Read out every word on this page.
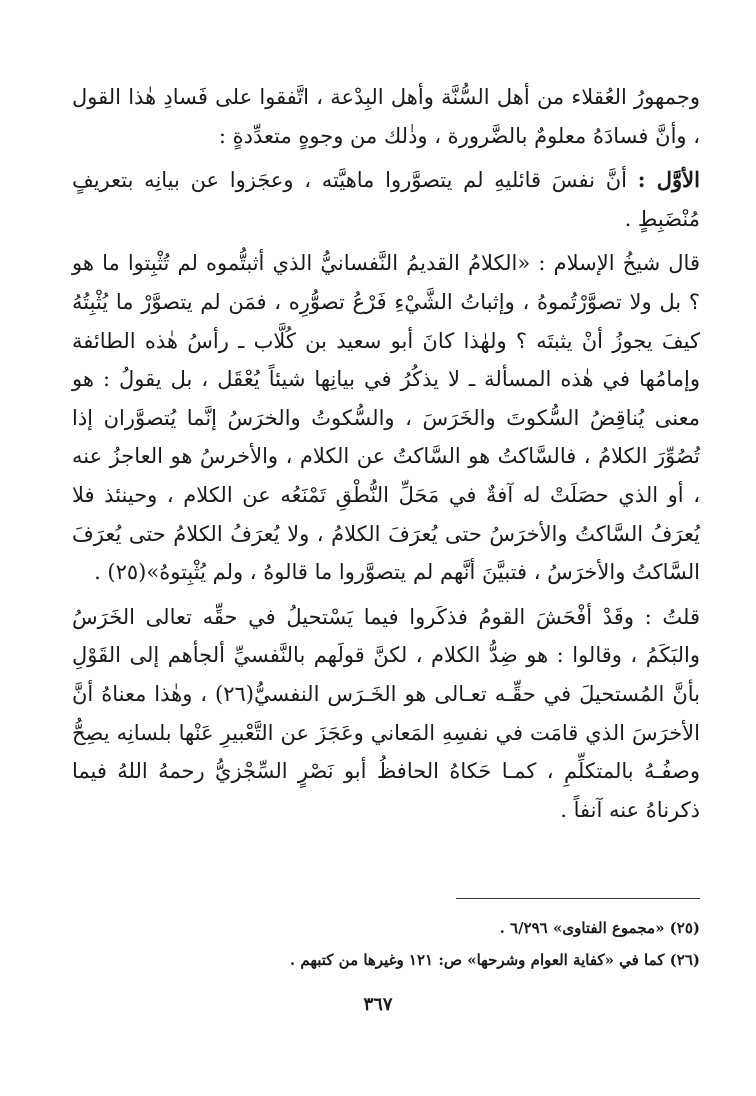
وجمهورُ العُقلاء من أهل السُّنَّة وأهل البِدْعة ، اتَّفقوا على فَسادِ هٰذا القول ، وأنَّ فسادَهُ معلومٌ بالضَّرورة ، وذٰلك من وجوهٍ متعدِّدةٍ :

الأوَّل : أنَّ نفسَ قائليهِ لم يتصوَّروا ماهيَّته ، وعجَزوا عن بيانِه بتعريفٍ مُنْضَبِطٍ .

قال شيخُ الإسلام : «الكلامُ القديمُ النَّفسانيُّ الذي أثبتُّموه لم تُثْبِتوا ما هو ؟ بل ولا تصوَّرْتُموهُ ، وإثباتُ الشَّيْءِ فَرْعُ تصوُّرِه ، فمَن لم يتصوَّرْ ما يُثْبِتُهُ كيفَ يجوزُ أنْ يثبتَه ؟ ولهٰذا كانَ أبو سعيد بن كُلَّاب ـ رأسُ هٰذه الطائفة وإمامُها في هٰذه المسألة ـ لا يذكُرُ في بيانِها شيئاً يُعْقَل ، بل يقولُ : هو معنى يُناقِضُ السُّكوتَ والخَرَسَ ، والسُّكوتُ والخرَسُ إنَّما يُتصوَّران إذا تُصُوِّرَ الكلامُ ، فالسَّاكتُ هو السَّاكتُ عن الكلام ، والأخرسُ هو العاجزُ عنه ، أو الذي حصَلَتْ له آفةٌ في مَحَلِّ النُّطْقِ تَمْنَعُه عن الكلام ، وحينئذ فلا يُعرَفُ السَّاكتُ والأخرَسُ حتى يُعرَفَ الكلامُ ، ولا يُعرَفُ الكلامُ حتى يُعرَفَ السَّاكتُ والأخرَسُ ، فتبيَّنَ أنَّهم لم يتصوَّروا ما قالوهُ ، ولم يُثْبِتوهُ»(٢٥) .

قلتُ : وقَدْ أفْحَشَ القومُ فذكَروا فيما يَسْتحيلُ في حقِّه تعالى الخَرَسُ والبَكَمُ ، وقالوا : هو ضِدُّ الكلام ، لكنَّ قولَهم بالنَّفسيِّ ألجأهم إلى القَوْلِ بأنَّ المُستحيلَ في حقِّـه تعـالى هو الخَـرَس النفسيُّ(٢٦) ، وهٰذا معناهُ أنَّ الأخرَسَ الذي قامَت في نفسِهِ المَعاني وعَجَزَ عن التَّعْبيرِ عَنْها بلسانِه يصِحُّ وصفُـهُ بالمتكلِّمِ ، كمـا حَكاهُ الحافظُ أبو نَصْرٍ السِّجْزيُّ رحمهُ اللهُ فيما ذكرناهُ عنه آنفاً .

(٢٥) «مجموع الفتاوى» ٦/٢٩٦ .

(٢٦) كما في «كفاية العوام وشرحها» ص: ١٢١ وغيرها من كتبهم .

٣٦٧
